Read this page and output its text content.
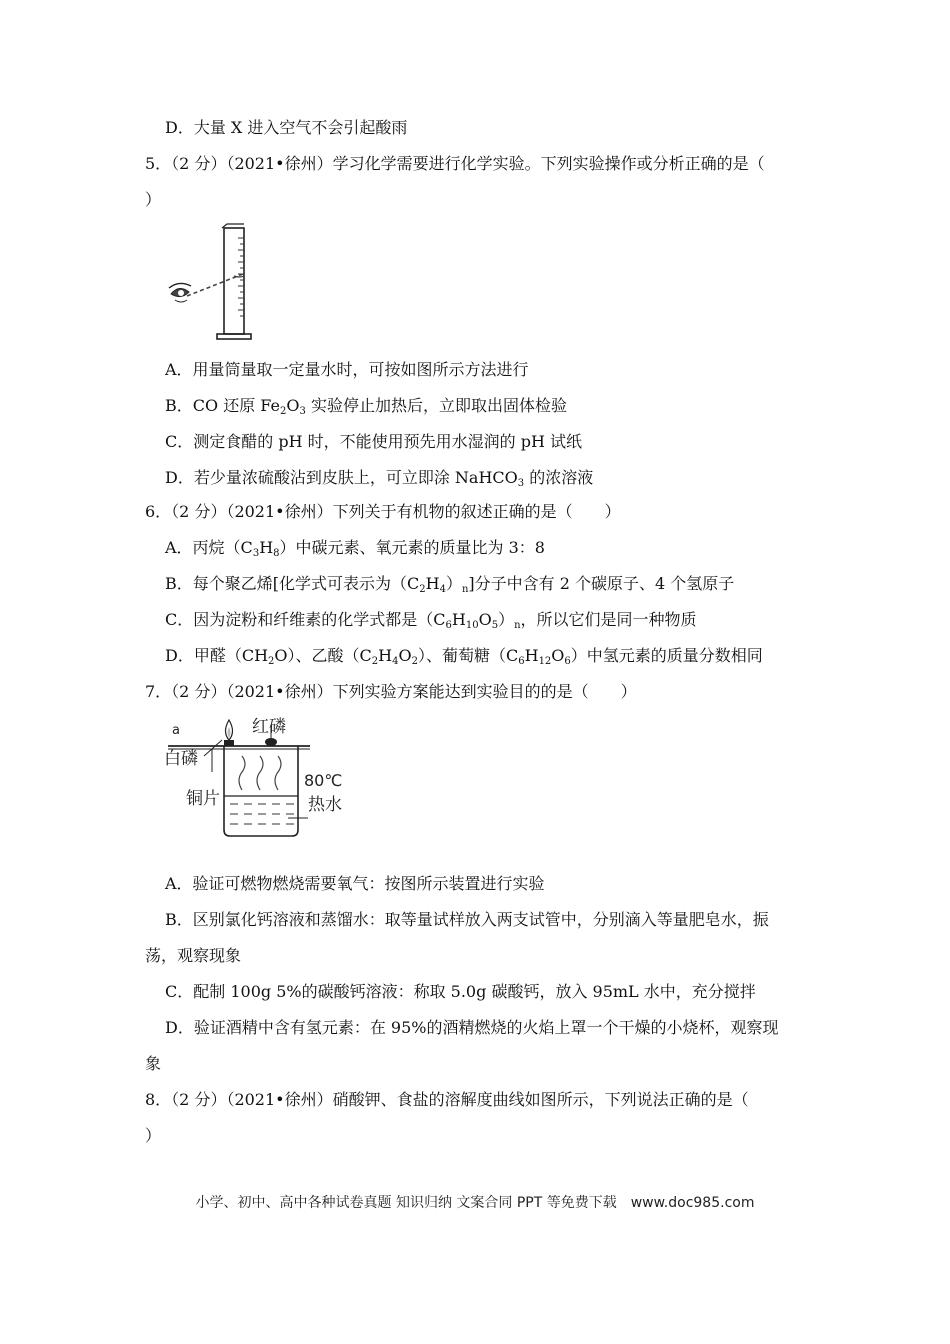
D．大量 X 进入空气不会引起酸雨
5．（2 分）（2021•徐州）学习化学需要进行化学实验。下列实验操作或分析正确的是（
）
A．用量筒量取一定量水时，可按如图所示方法进行
B．CO 还原 $Fe_2O_3$ 实验停止加热后，立即取出固体检验
C．测定食醋的 pH 时，不能使用预先用水湿润的 pH 试纸
D．若少量浓硫酸沾到皮肤上，可立即涂 NaHCO$_3$ 的浓溶液
6．（2 分）（2021•徐州）下列关于有机物的叙述正确的是（　　）
A．丙烷$(C_3H_8)$中碳元素、氧元素的质量比为 3：8
B．每个聚乙烯[化学式可表示为$(C_2H_4)_n$]分子中含有 2 个碳原子、4 个氢原子
C．因为淀粉和纤维素的化学式都是$(C_6H_{10}O_5)_n$，所以它们是同一种物质
D．甲醛$(CH_2O)$、乙酸$(C_2H_4O_2)$、葡萄糖$(C_6H_{12}O_6)$中氢元素的质量分数相同
7．（2 分）（2021•徐州）下列实验方案能达到实验目的的是（　　）
a
白磷
红磷
铜片
80℃
热水
A．验证可燃物燃烧需要氧气：按图所示装置进行实验
B．区别氯化钙溶液和蒸馏水：取等量试样放入两支试管中，分别滴入等量肥皂水，振
荡，观察现象
C．配制 100g 5%的碳酸钙溶液：称取 5.0g 碳酸钙，放入 95mL 水中，充分搅拌
D．验证酒精中含有氢元素：在 95%的酒精燃烧的火焰上罩一个干燥的小烧杯，观察现
象
8．（2 分）（2021•徐州）硝酸钾、食盐的溶解度曲线如图所示，下列说法正确的是（
）
小学、初中、高中各种试卷真题 知识归纳 文案合同 PPT 等免费下载　www.doc985.com
